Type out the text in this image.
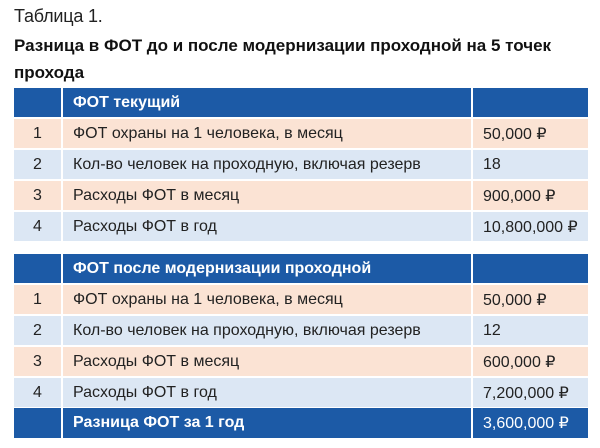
Таблица 1.
Разница в ФОТ до и после модернизации проходной на 5 точек прохода
	ФОТ текущий	
1	ФОТ охраны на 1 человека, в месяц	50,000 ₽
2	Кол-во человек на проходную, включая резерв	18
3	Расходы ФОТ в месяц	900,000 ₽
4	Расходы ФОТ в год	10,800,000 ₽
	ФОТ после модернизации проходной	
1	ФОТ охраны на 1 человека, в месяц	50,000 ₽
2	Кол-во человек на проходную, включая резерв	12
3	Расходы ФОТ в месяц	600,000 ₽
4	Расходы ФОТ в год	7,200,000 ₽
	Разница ФОТ за 1 год	3,600,000 ₽
